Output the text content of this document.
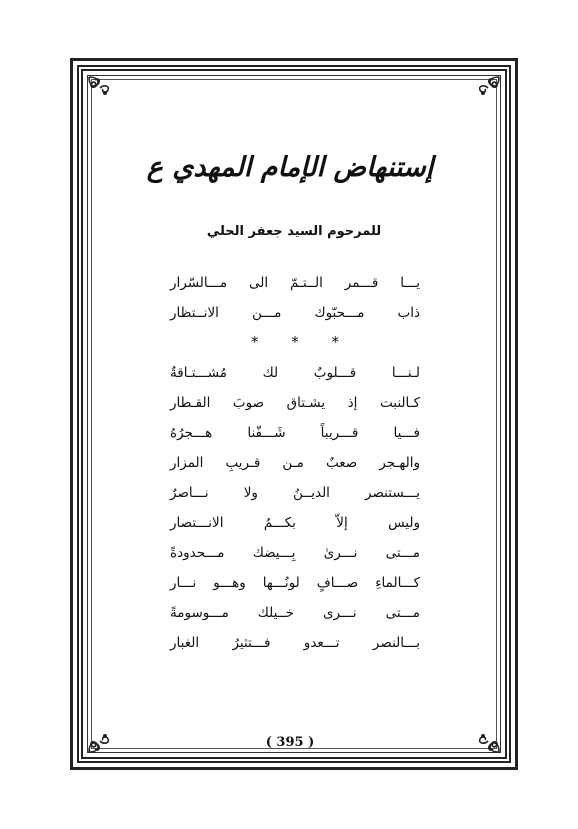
إستنهاض الإمام المهدي ع
للمرحوم السيد جعفر الحلي
يـــا قـــمر الــتـمّ الى مـــالسّرار
ذاب مـــحبّوك مـــن الانــتظار
* * *
لـنـــا قـــلوبٌ لك مُشـــتـاقةٌ
كـالنبت إذ يشـتاق صوبَ القـطار
فـــيا قـــريباً شَـــفّنا هـــجرُهُ
والهـجر صعبٌ مـن قـريبِ المزار
يـــستنصر الديــنُ ولا نـــاصرٌ
وليس إلاّ بكـــمُ الانـــتصار
مـــتى نـــرىٰ بِـــيضك مـــحدودةً
كـــالماءِ صـــافٍ لونُـــها وهـــو نـــار
مـــتى نـــرى خــيلك مـــوسومةً
بـــالنصر تـــعدو فـــتثيرُ الغبار
( 395 )
